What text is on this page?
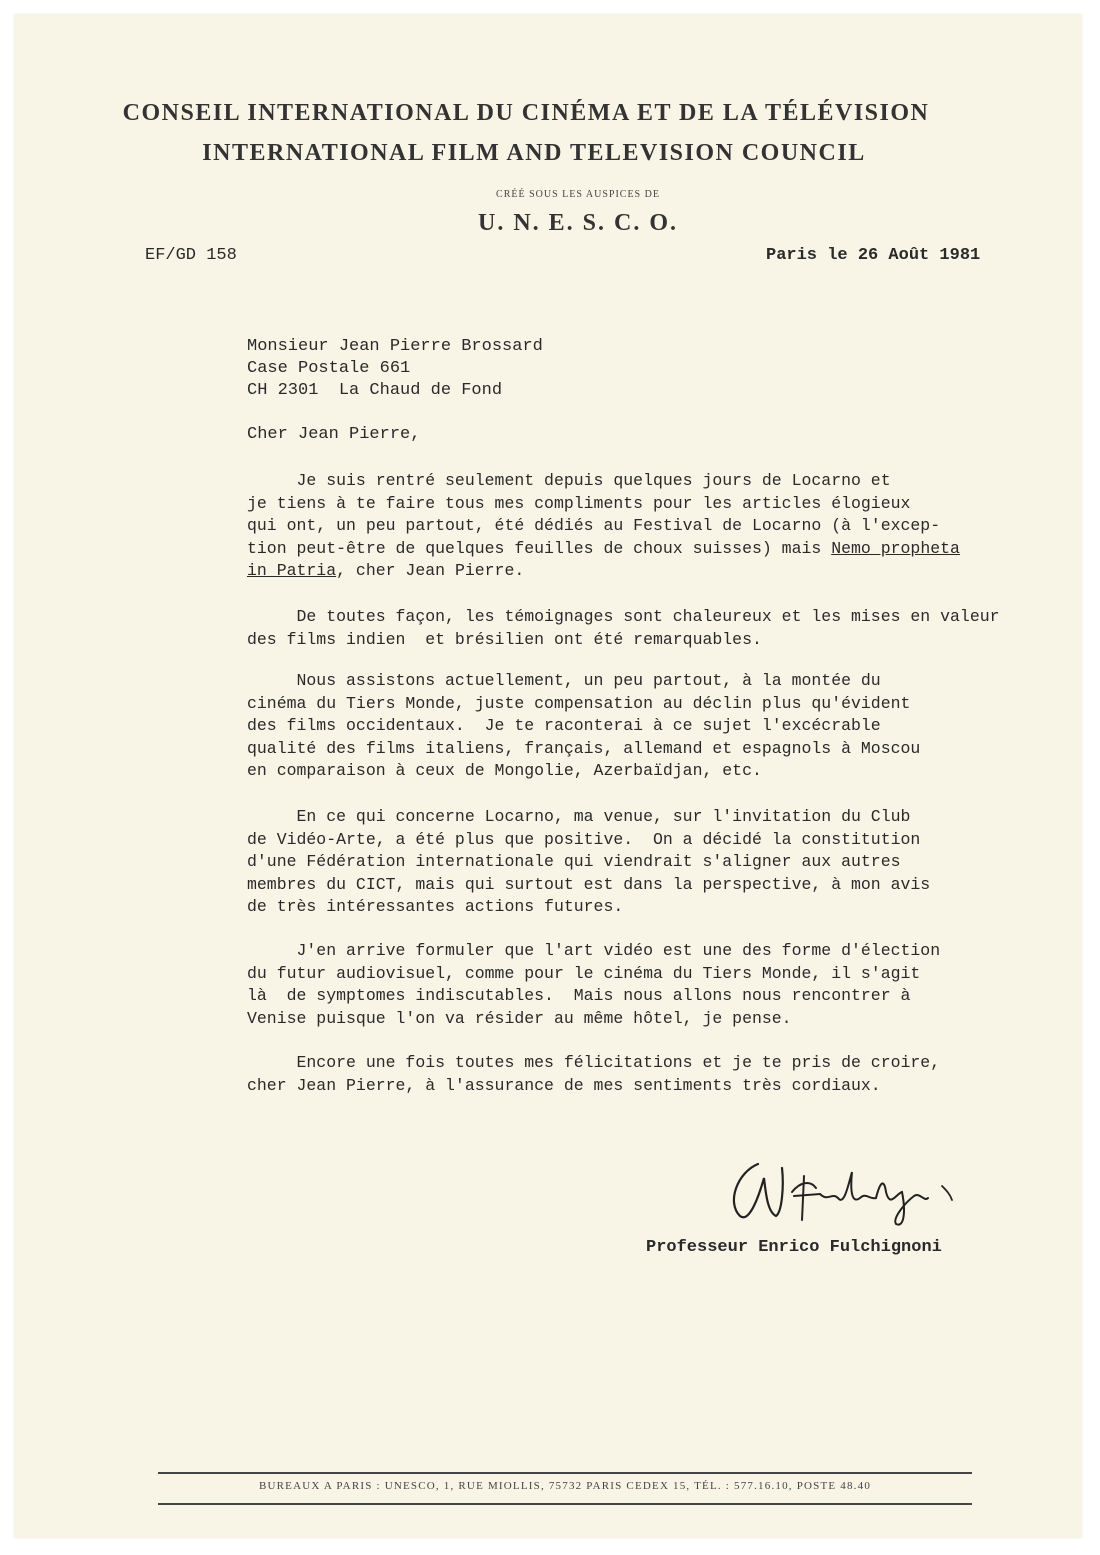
CONSEIL INTERNATIONAL DU CINÉMA ET DE LA TÉLÉVISION
INTERNATIONAL FILM AND TELEVISION COUNCIL
CRÉÉ SOUS LES AUSPICES DE
U. N. E. S. C. O.
EF/GD 158	Paris le 26 Août 1981
Monsieur Jean Pierre Brossard
Case Postale 661
CH 2301  La Chaud de Fond
Cher Jean Pierre,
Je suis rentré seulement depuis quelques jours de Locarno et
je tiens à te faire tous mes compliments pour les articles élogieux
qui ont, un peu partout, été dédiés au Festival de Locarno (à l'excep-
tion peut-être de quelques feuilles de choux suisses) mais Nemo propheta
in Patria, cher Jean Pierre.
De toutes façon, les témoignages sont chaleureux et les mises en valeur
des films indien  et brésilien ont été remarquables.
Nous assistons actuellement, un peu partout, à la montée du
cinéma du Tiers Monde, juste compensation au déclin plus qu'évident
des films occidentaux.  Je te raconterai à ce sujet l'excécrable
qualité des films italiens, français, allemand et espagnols à Moscou
en comparaison à ceux de Mongolie, Azerbaïdjan, etc.
En ce qui concerne Locarno, ma venue, sur l'invitation du Club
de Vidéo-Arte, a été plus que positive.  On a décidé la constitution
d'une Fédération internationale qui viendrait s'aligner aux autres
membres du CICT, mais qui surtout est dans la perspective, à mon avis
de très intéressantes actions futures.
J'en arrive formuler que l'art vidéo est une des forme d'élection
du futur audiovisuel, comme pour le cinéma du Tiers Monde, il s'agit
là  de symptomes indiscutables.  Mais nous allons nous rencontrer à
Venise puisque l'on va résider au même hôtel, je pense.
Encore une fois toutes mes félicitations et je te pris de croire,
cher Jean Pierre, à l'assurance de mes sentiments très cordiaux.
Professeur Enrico Fulchignoni
BUREAUX A PARIS : UNESCO, 1, RUE MIOLLIS, 75732 PARIS CEDEX 15, TÉL. : 577.16.10, POSTE 48.40
